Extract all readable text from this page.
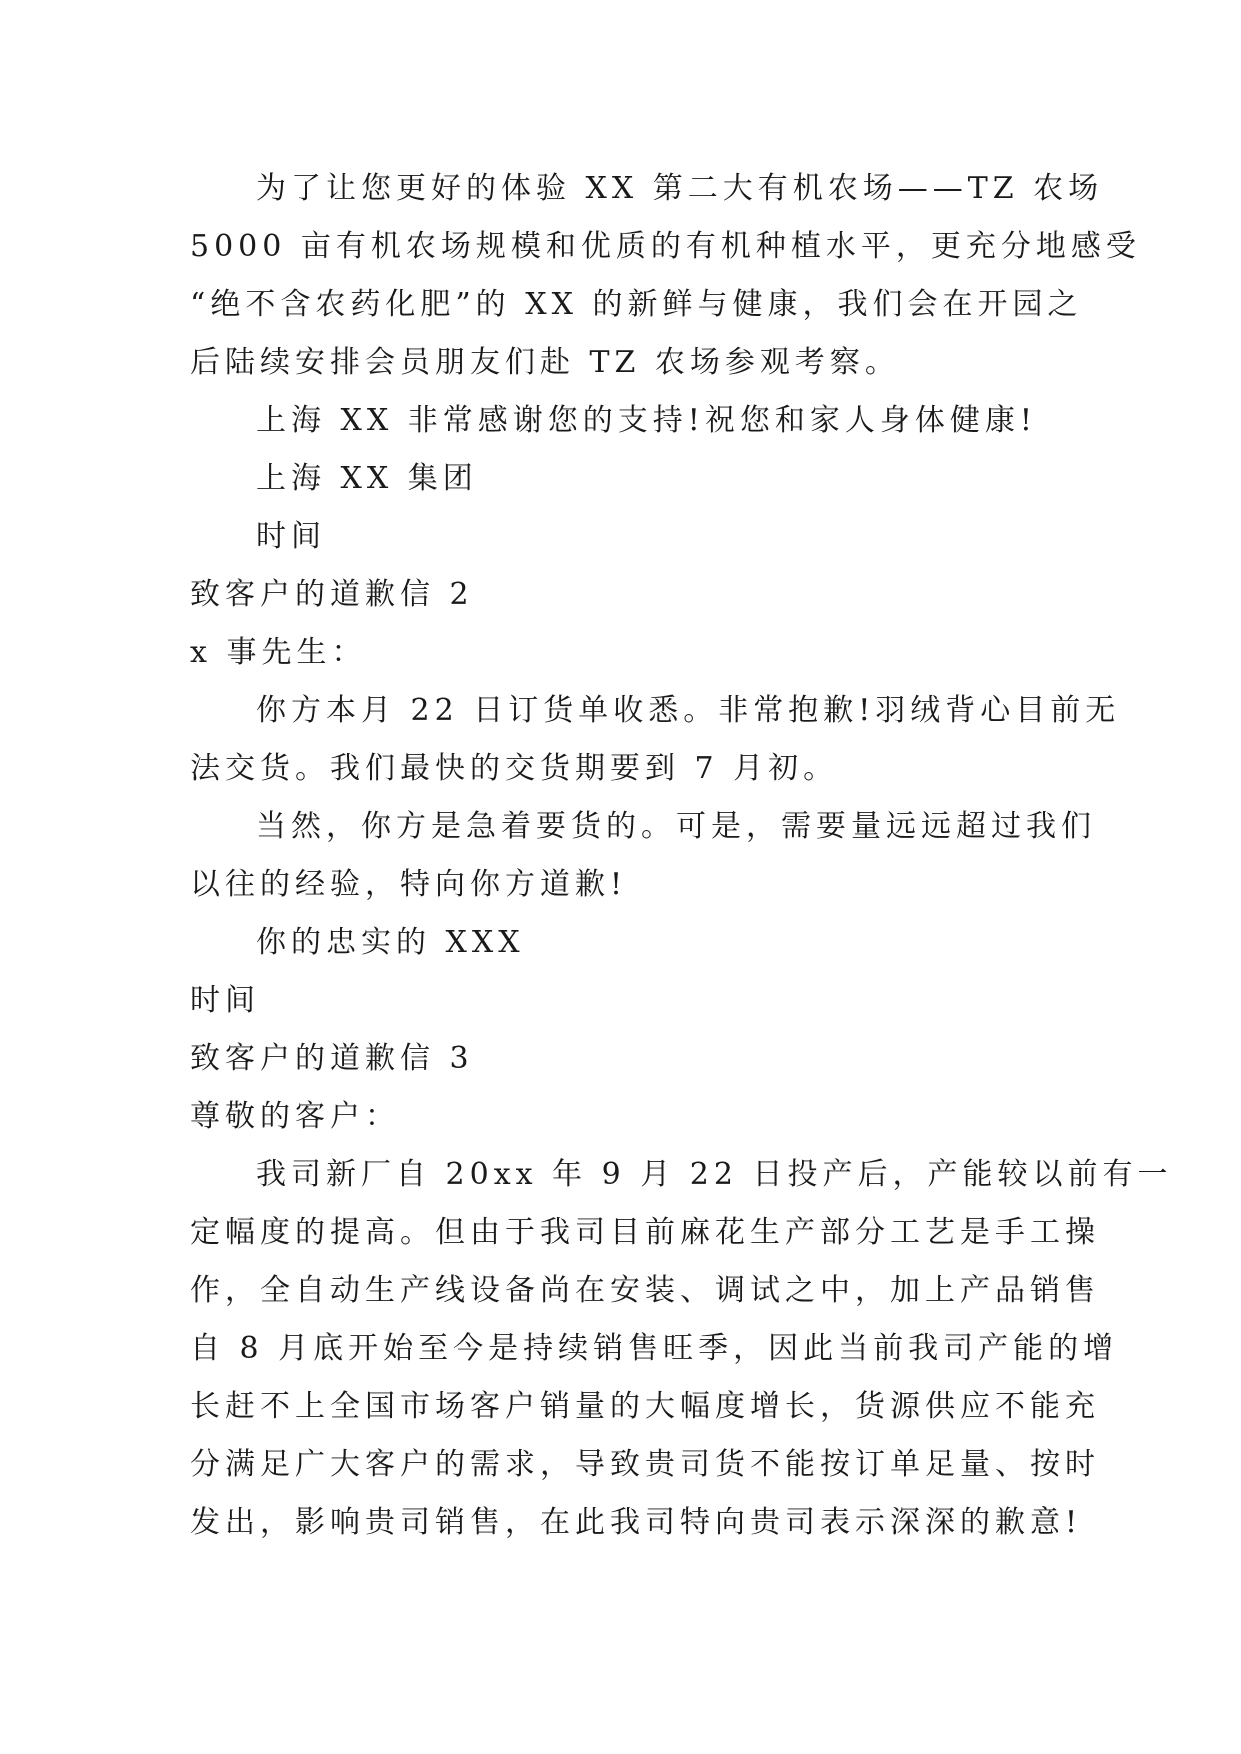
为了让您更好的体验 XX 第二大有机农场——TZ 农场
5000 亩有机农场规模和优质的有机种植水平，更充分地感受
“绝不含农药化肥”的 XX 的新鲜与健康，我们会在开园之
后陆续安排会员朋友们赴 TZ 农场参观考察。
上海 XX 非常感谢您的支持!祝您和家人身体健康!
上海 XX 集团
时间
致客户的道歉信 2
x 事先生：
你方本月 22 日订货单收悉。非常抱歉!羽绒背心目前无
法交货。我们最快的交货期要到 7 月初。
当然，你方是急着要货的。可是，需要量远远超过我们
以往的经验，特向你方道歉!
你的忠实的 XXX
时间
致客户的道歉信 3
尊敬的客户：
我司新厂自 20xx 年 9 月 22 日投产后，产能较以前有一
定幅度的提高。但由于我司目前麻花生产部分工艺是手工操
作，全自动生产线设备尚在安装、调试之中，加上产品销售
自 8 月底开始至今是持续销售旺季，因此当前我司产能的增
长赶不上全国市场客户销量的大幅度增长，货源供应不能充
分满足广大客户的需求，导致贵司货不能按订单足量、按时
发出，影响贵司销售，在此我司特向贵司表示深深的歉意!
